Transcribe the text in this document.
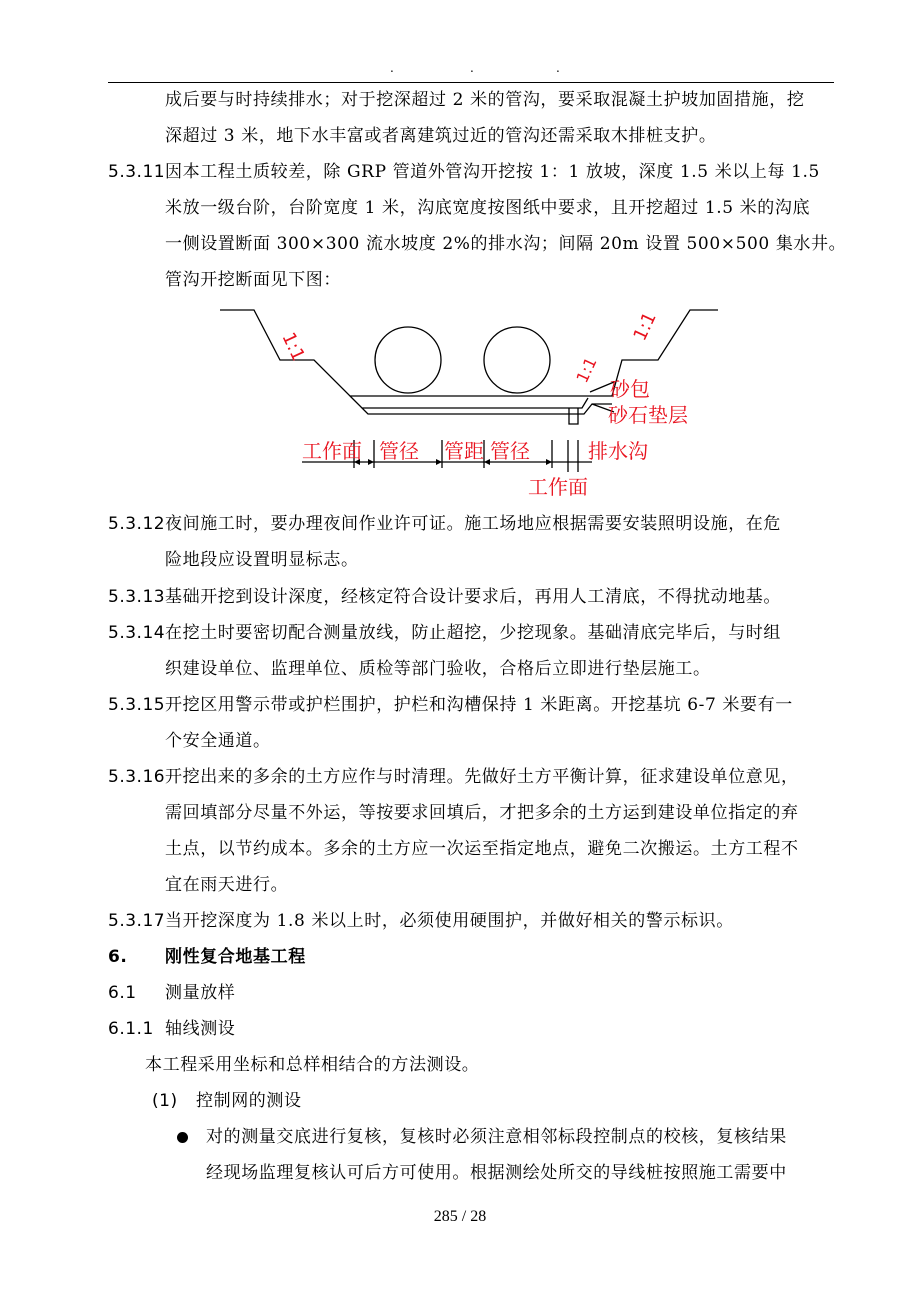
.	.	.
成后要与时持续排水；对于挖深超过 2 米的管沟，要采取混凝土护坡加固措施，挖
深超过 3 米，地下水丰富或者离建筑过近的管沟还需采取木排桩支护。
5.3.11 因本工程土质较差，除 GRP 管道外管沟开挖按 1：1 放坡，深度 1.5 米以上每 1.5
米放一级台阶，台阶宽度 1 米，沟底宽度按图纸中要求，且开挖超过 1.5 米的沟底
一侧设置断面 300×300 流水坡度 2%的排水沟；间隔 20m 设置 500×500 集水井。
管沟开挖断面见下图：
1:1
1:1
1:1
砂包
砂石垫层
工作面 管径 管距 管径	排水沟
工作面
5.3.12 夜间施工时，要办理夜间作业许可证。施工场地应根据需要安装照明设施，在危
险地段应设置明显标志。
5.3.13 基础开挖到设计深度，经核定符合设计要求后，再用人工清底，不得扰动地基。
5.3.14 在挖土时要密切配合测量放线，防止超挖，少挖现象。基础清底完毕后，与时组
织建设单位、监理单位、质检等部门验收，合格后立即进行垫层施工。
5.3.15 开挖区用警示带或护栏围护，护栏和沟槽保持 1 米距离。开挖基坑 6-7 米要有一
个安全通道。
5.3.16 开挖出来的多余的土方应作与时清理。先做好土方平衡计算，征求建设单位意见，
需回填部分尽量不外运，等按要求回填后，才把多余的土方运到建设单位指定的弃
土点，以节约成本。多余的土方应一次运至指定地点，避免二次搬运。土方工程不
宜在雨天进行。
5.3.17 当开挖深度为 1.8 米以上时，必须使用硬围护，并做好相关的警示标识。
6. 刚性复合地基工程
6.1 测量放样
6.1.1 轴线测设
本工程采用坐标和总样相结合的方法测设。
(1) 控制网的测设
对的测量交底进行复核，复核时必须注意相邻标段控制点的校核，复核结果
经现场监理复核认可后方可使用。根据测绘处所交的导线桩按照施工需要中
285 / 28
